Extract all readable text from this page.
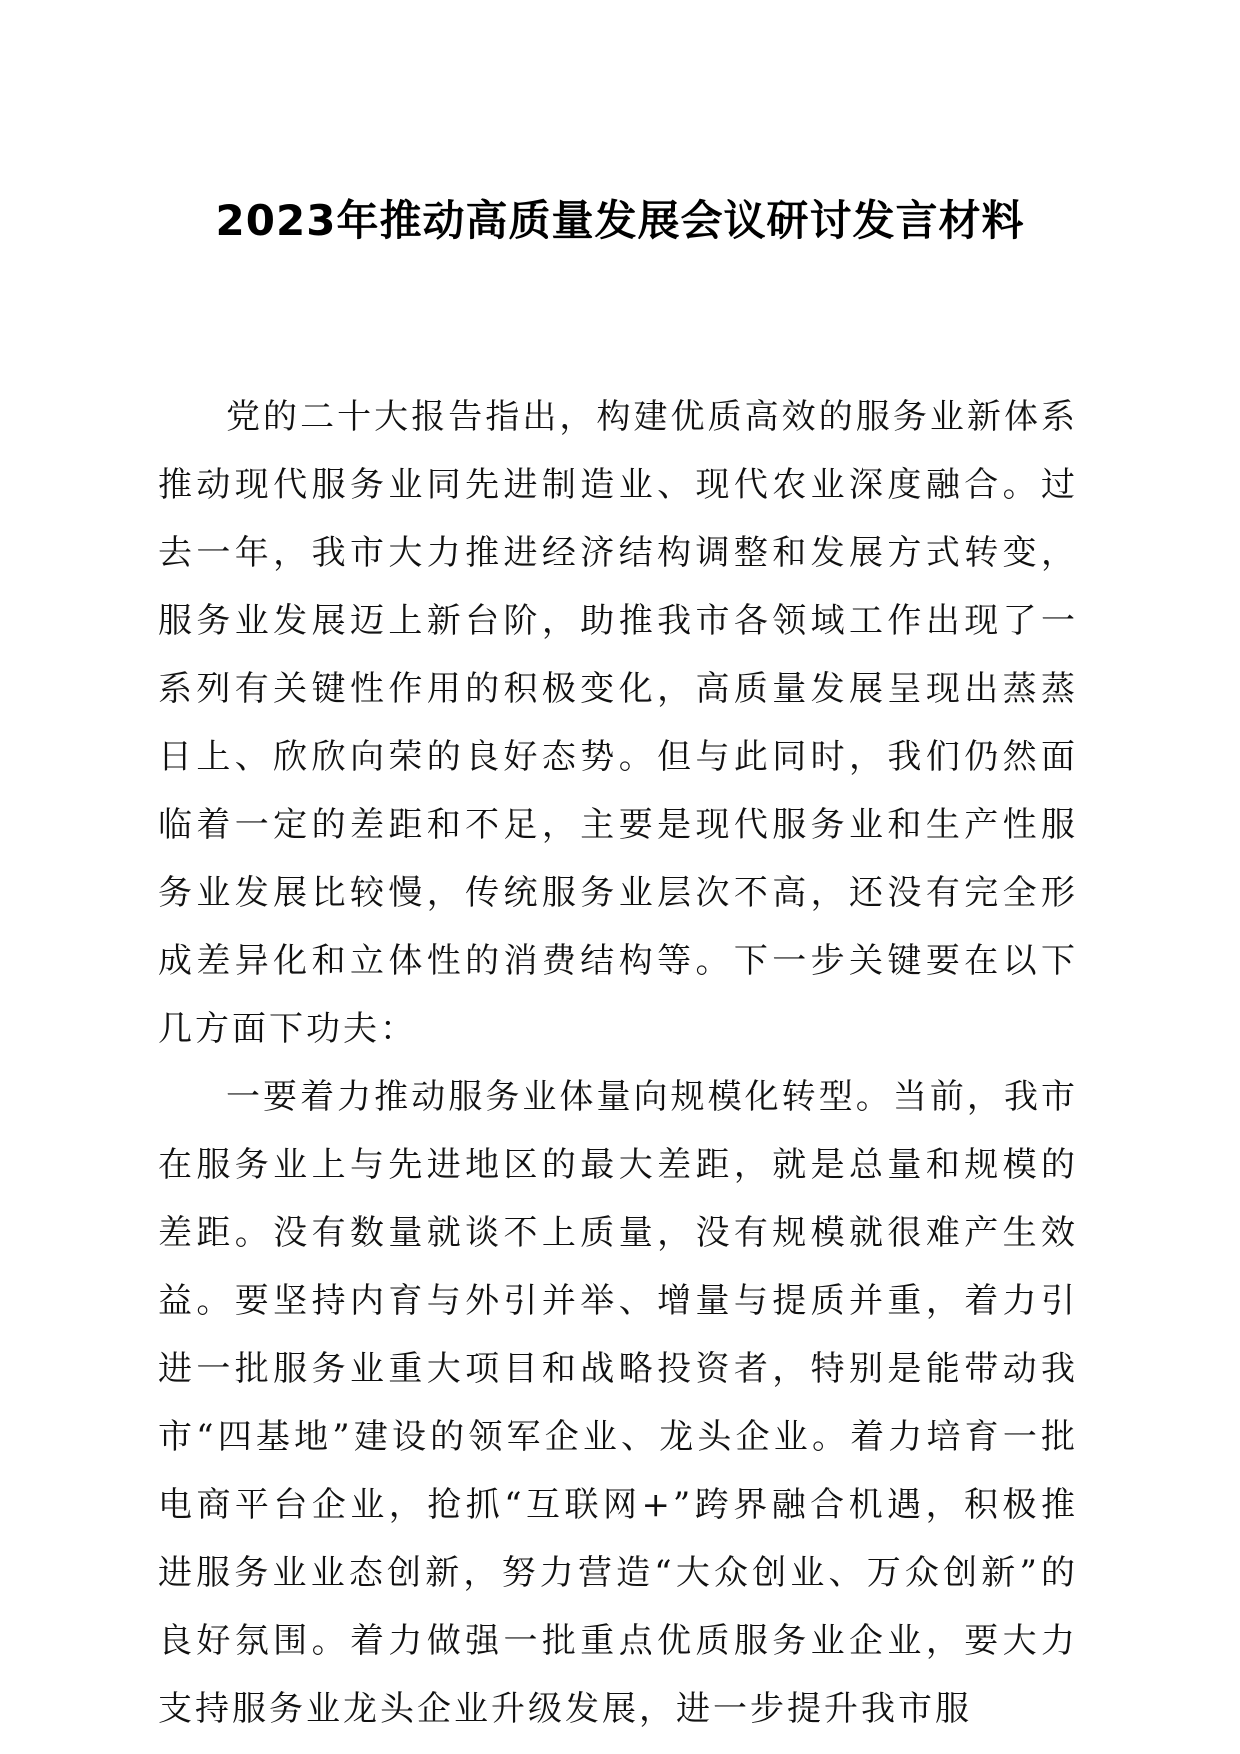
2023年推动高质量发展会议研讨发言材料

党的二十大报告指出，构建优质高效的服务业新体系推动现代服务业同先进制造业、现代农业深度融合。过去一年，我市大力推进经济结构调整和发展方式转变，服务业发展迈上新台阶，助推我市各领域工作出现了一系列有关键性作用的积极变化，高质量发展呈现出蒸蒸日上、欣欣向荣的良好态势。但与此同时，我们仍然面临着一定的差距和不足，主要是现代服务业和生产性服务业发展比较慢，传统服务业层次不高，还没有完全形成差异化和立体性的消费结构等。下一步关键要在以下几方面下功夫：

一要着力推动服务业体量向规模化转型。当前，我市在服务业上与先进地区的最大差距，就是总量和规模的差距。没有数量就谈不上质量，没有规模就很难产生效益。要坚持内育与外引并举、增量与提质并重，着力引进一批服务业重大项目和战略投资者，特别是能带动我市“四基地”建设的领军企业、龙头企业。着力培育一批电商平台企业，抢抓“互联网+”跨界融合机遇，积极推进服务业业态创新，努力营造“大众创业、万众创新”的良好氛围。着力做强一批重点优质服务业企业，要大力支持服务业龙头企业升级发展，进一步提升我市服
